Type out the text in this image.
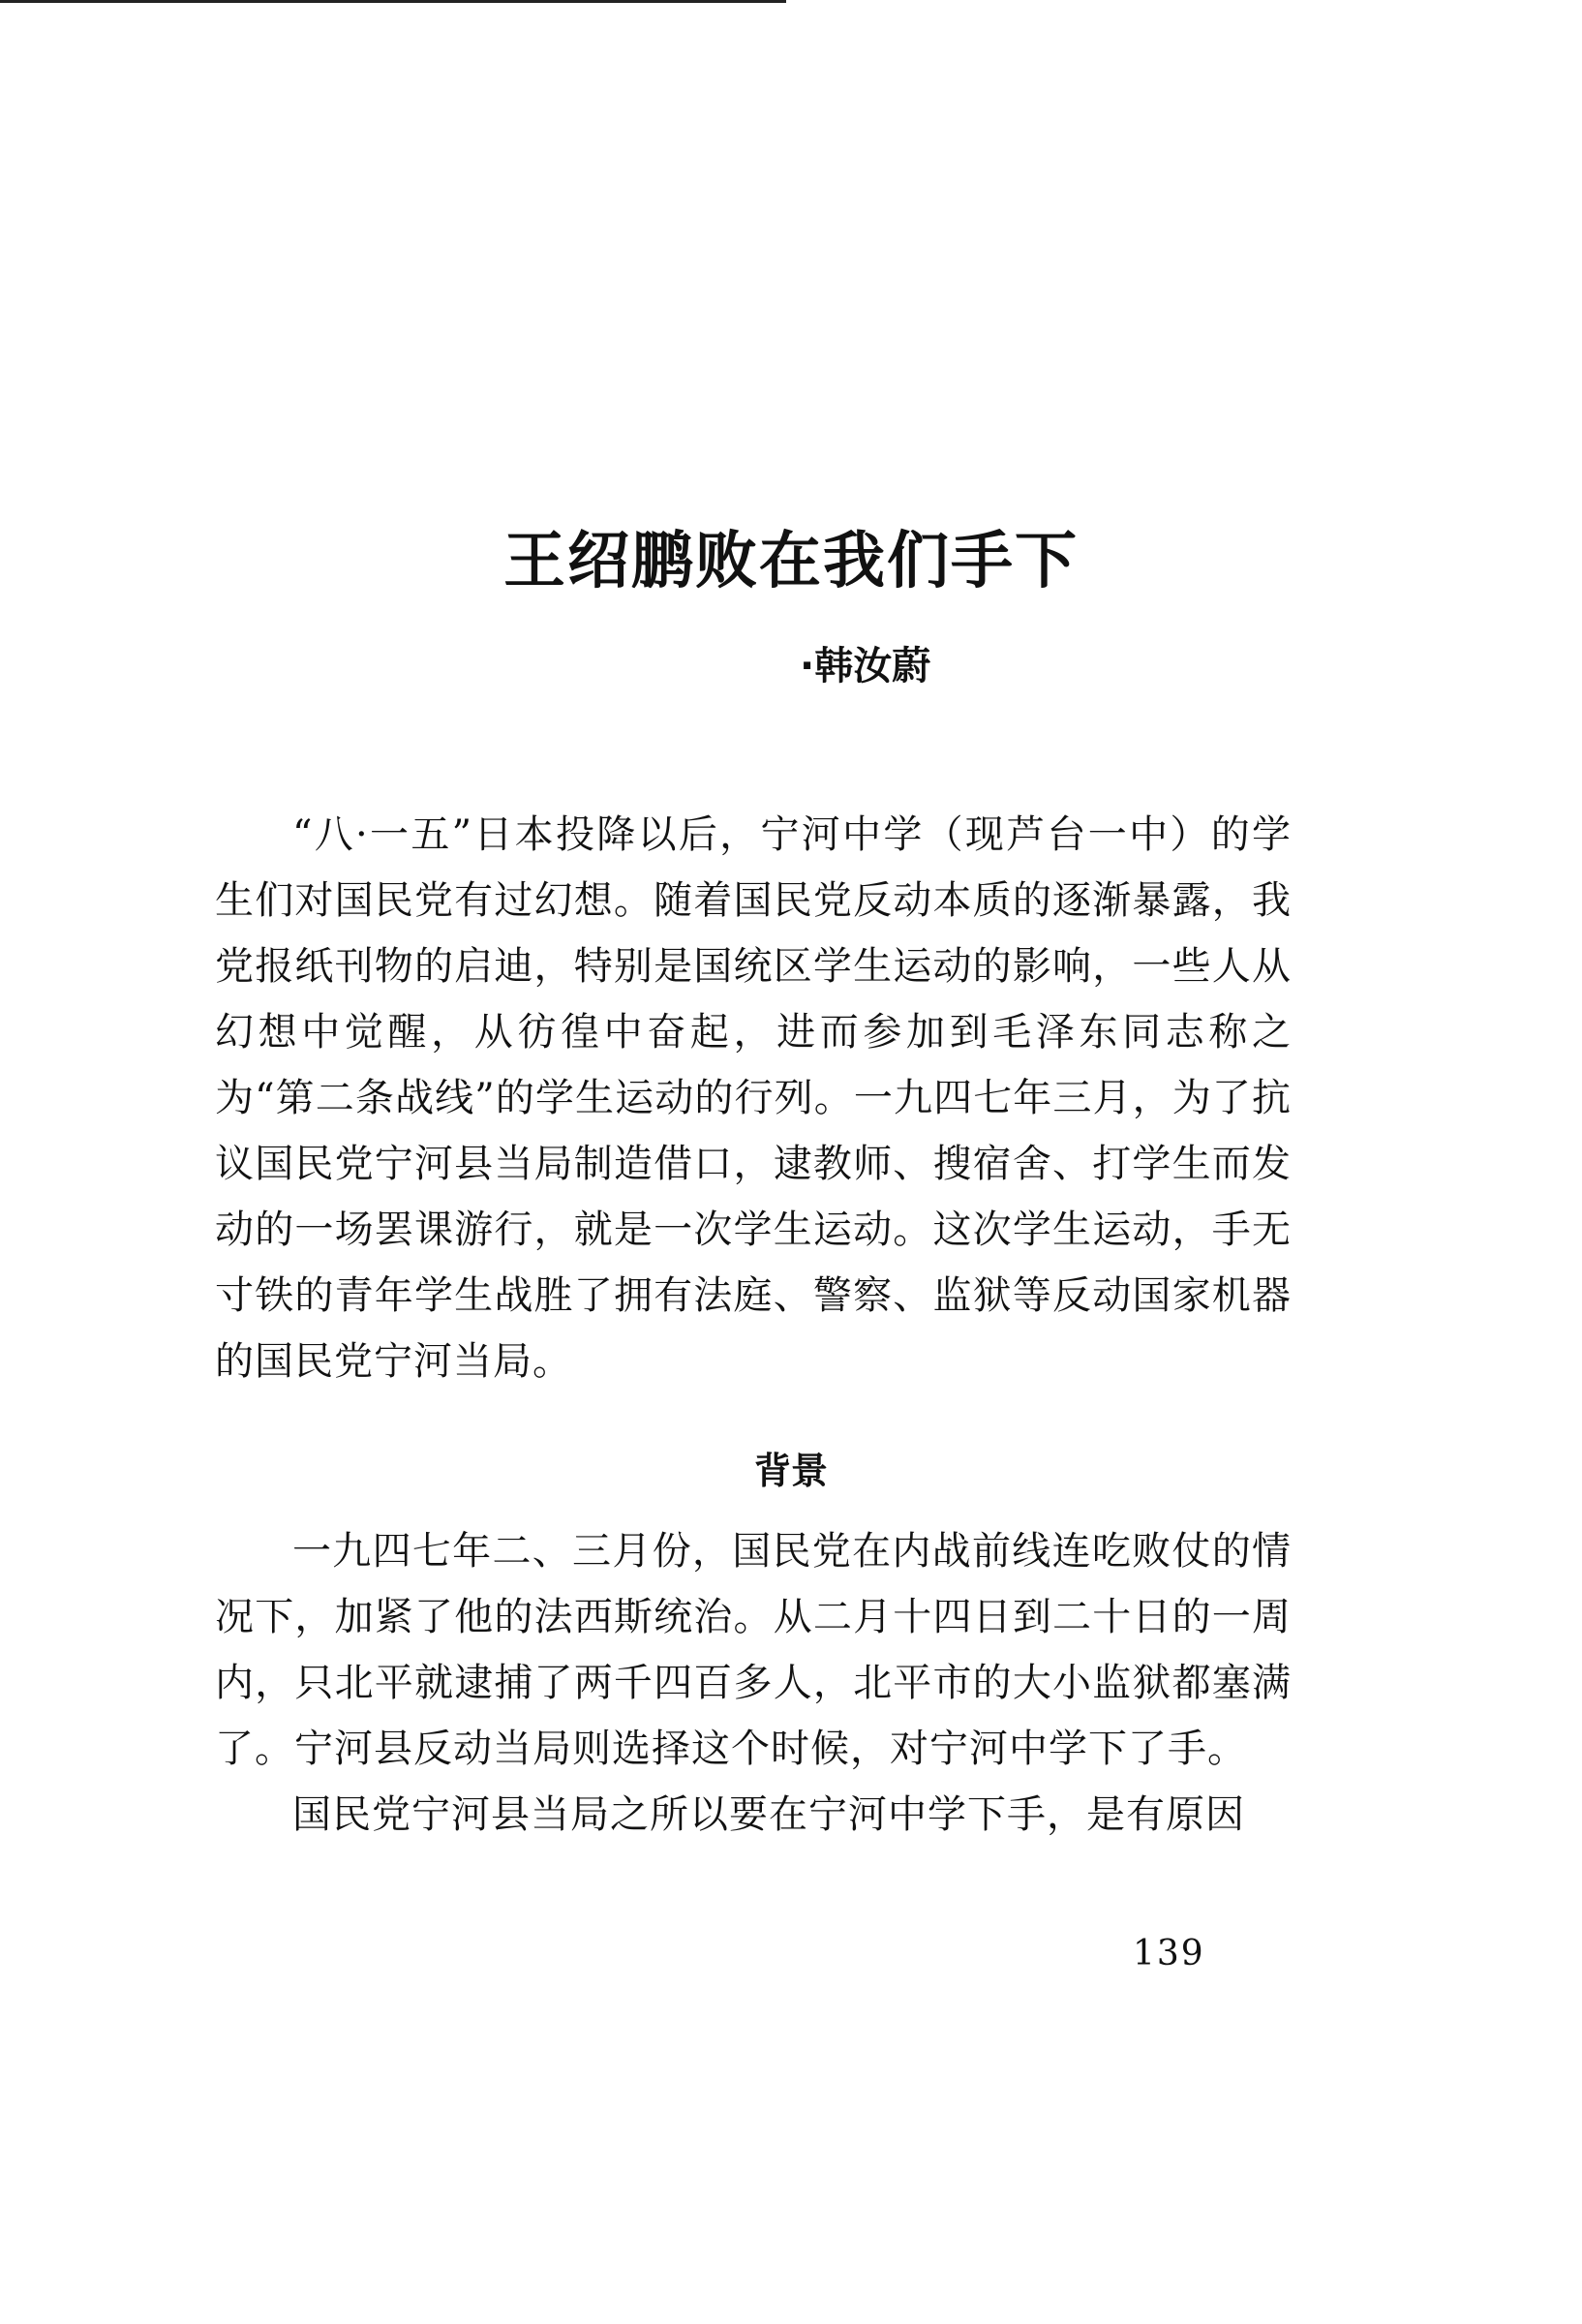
王绍鹏败在我们手下
·韩汝蔚

“八·一五”日本投降以后，宁河中学（现芦台一中）的学生们对国民党有过幻想。随着国民党反动本质的逐渐暴露，我党报纸刊物的启迪，特别是国统区学生运动的影响，一些人从幻想中觉醒，从彷徨中奋起，进而参加到毛泽东同志称之为“第二条战线”的学生运动的行列。一九四七年三月，为了抗议国民党宁河县当局制造借口，逮教师、搜宿舍、打学生而发动的一场罢课游行，就是一次学生运动。这次学生运动，手无寸铁的青年学生战胜了拥有法庭、警察、监狱等反动国家机器的国民党宁河当局。

背景

一九四七年二、三月份，国民党在内战前线连吃败仗的情况下，加紧了他的法西斯统治。从二月十四日到二十日的一周内，只北平就逮捕了两千四百多人，北平市的大小监狱都塞满了。宁河县反动当局则选择这个时候，对宁河中学下了手。

国民党宁河县当局之所以要在宁河中学下手，是有原因

139
